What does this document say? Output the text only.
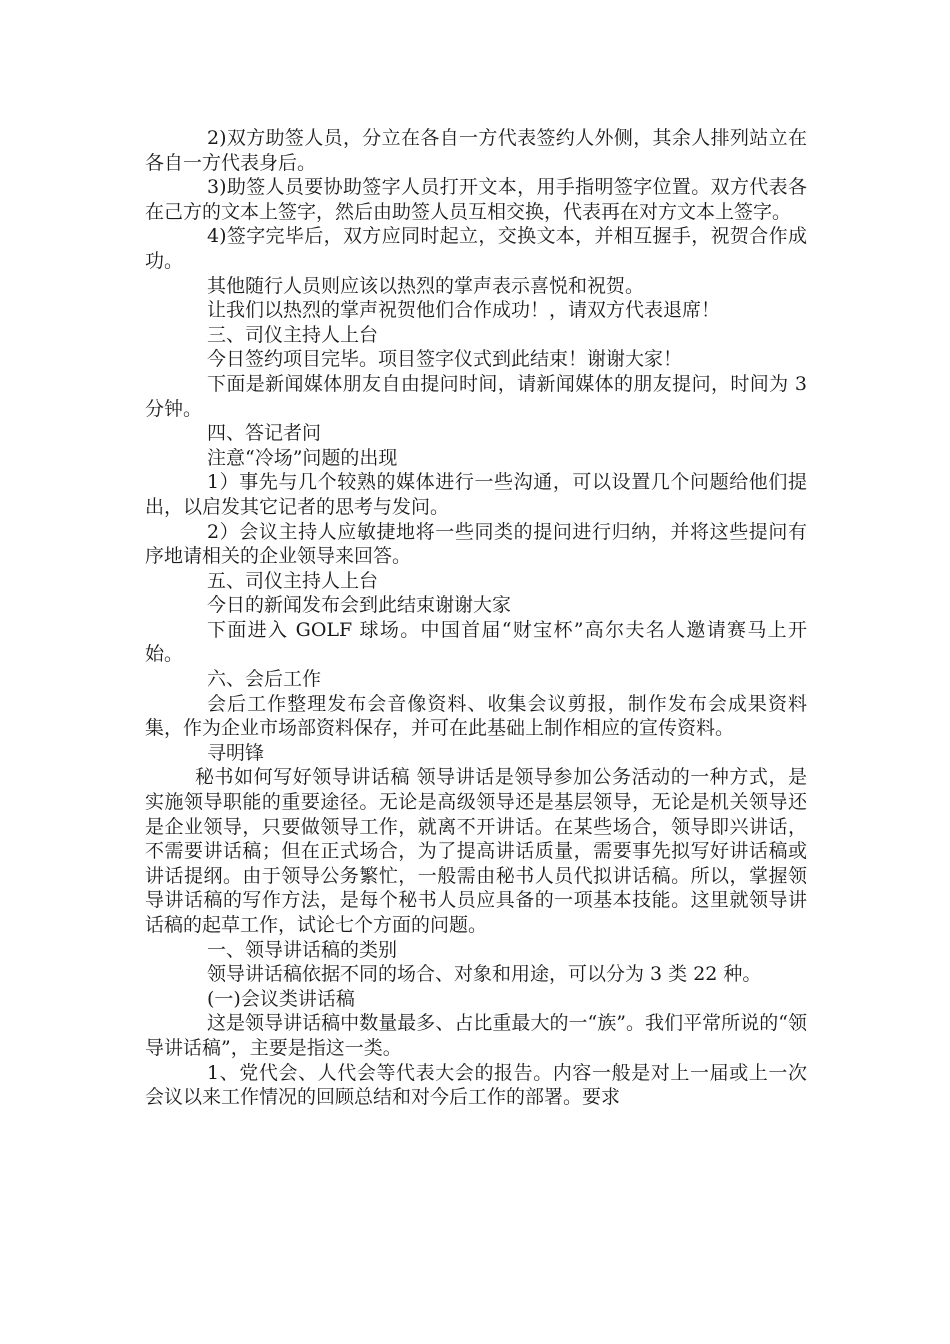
2)双方助签人员，分立在各自一方代表签约人外侧，其余人排列站立在各自一方代表身后。

3)助签人员要协助签字人员打开文本，用手指明签字位置。双方代表各在己方的文本上签字，然后由助签人员互相交换，代表再在对方文本上签字。

4)签字完毕后，双方应同时起立，交换文本，并相互握手，祝贺合作成功。

其他随行人员则应该以热烈的掌声表示喜悦和祝贺。

让我们以热烈的掌声祝贺他们合作成功！，请双方代表退席！

三、司仪主持人上台

今日签约项目完毕。项目签字仪式到此结束！谢谢大家！

下面是新闻媒体朋友自由提问时间，请新闻媒体的朋友提问，时间为 3 分钟。

四、答记者问

注意“冷场”问题的出现

1）事先与几个较熟的媒体进行一些沟通，可以设置几个问题给他们提出，以启发其它记者的思考与发问。

2）会议主持人应敏捷地将一些同类的提问进行归纳，并将这些提问有序地请相关的企业领导来回答。

五、司仪主持人上台

今日的新闻发布会到此结束谢谢大家

下面进入 GOLF 球场。中国首届“财宝杯”高尔夫名人邀请赛马上开始。

六、会后工作

会后工作整理发布会音像资料、收集会议剪报，制作发布会成果资料集，作为企业市场部资料保存，并可在此基础上制作相应的宣传资料。

寻明锋

秘书如何写好领导讲话稿 领导讲话是领导参加公务活动的一种方式，是实施领导职能的重要途径。无论是高级领导还是基层领导，无论是机关领导还是企业领导，只要做领导工作，就离不开讲话。在某些场合，领导即兴讲话，不需要讲话稿；但在正式场合，为了提高讲话质量，需要事先拟写好讲话稿或讲话提纲。由于领导公务繁忙，一般需由秘书人员代拟讲话稿。所以，掌握领导讲话稿的写作方法，是每个秘书人员应具备的一项基本技能。这里就领导讲话稿的起草工作，试论七个方面的问题。

一、领导讲话稿的类别

领导讲话稿依据不同的场合、对象和用途，可以分为 3 类 22 种。

(一)会议类讲话稿

这是领导讲话稿中数量最多、占比重最大的一“族”。我们平常所说的“领导讲话稿”，主要是指这一类。

1、党代会、人代会等代表大会的报告。内容一般是对上一届或上一次会议以来工作情况的回顾总结和对今后工作的部署。要求
